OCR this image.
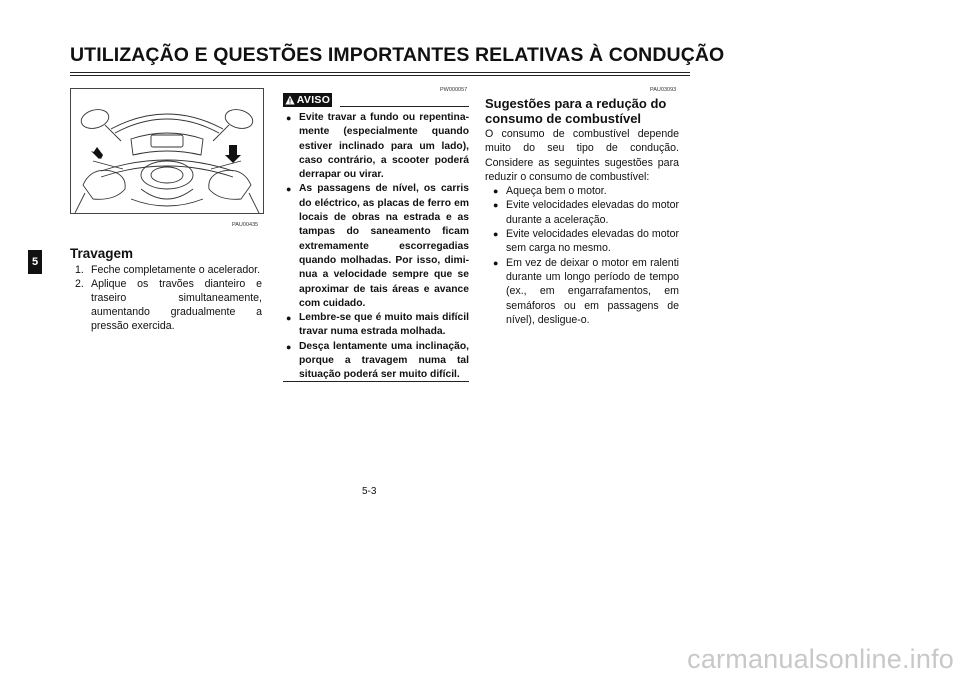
UTILIZAÇÃO E QUESTÕES IMPORTANTES RELATIVAS À CONDUÇÃO
5
PAU00435
Travagem
1. Feche completamente o acelerador.
2. Aplique os travões dianteiro e traseiro simultaneamente, aumentando gradualmente a pressão exercida.
PW000057
AVISO
● Evite travar a fundo ou repentinamente (especialmente quando estiver inclinado para um lado), caso contrário, a scooter poderá derrapar ou virar.
● As passagens de nível, os carris do eléctrico, as placas de ferro em locais de obras na estrada e as tampas do saneamento ficam extremamente escorregadias quando molhadas. Por isso, diminua a velocidade sempre que se aproximar de tais áreas e avance com cuidado.
● Lembre-se que é muito mais difícil travar numa estrada molhada.
● Desça lentamente uma inclinação, porque a travagem numa tal situação poderá ser muito difícil.
PAU03093
Sugestões para a redução do
consumo de combustível

O consumo de combustível depende muito do seu tipo de condução. Considere as seguintes sugestões para reduzir o consumo de combustível:

● Aqueça bem o motor.
● Evite velocidades elevadas do motor durante a aceleração.
● Evite velocidades elevadas do motor sem carga no mesmo.
● Em vez de deixar o motor em ralenti durante um longo período de tempo (ex., em engarrafamentos, em semáforos ou em passagens de nível), desligue-o.
5-3
carmanualsonline.info
